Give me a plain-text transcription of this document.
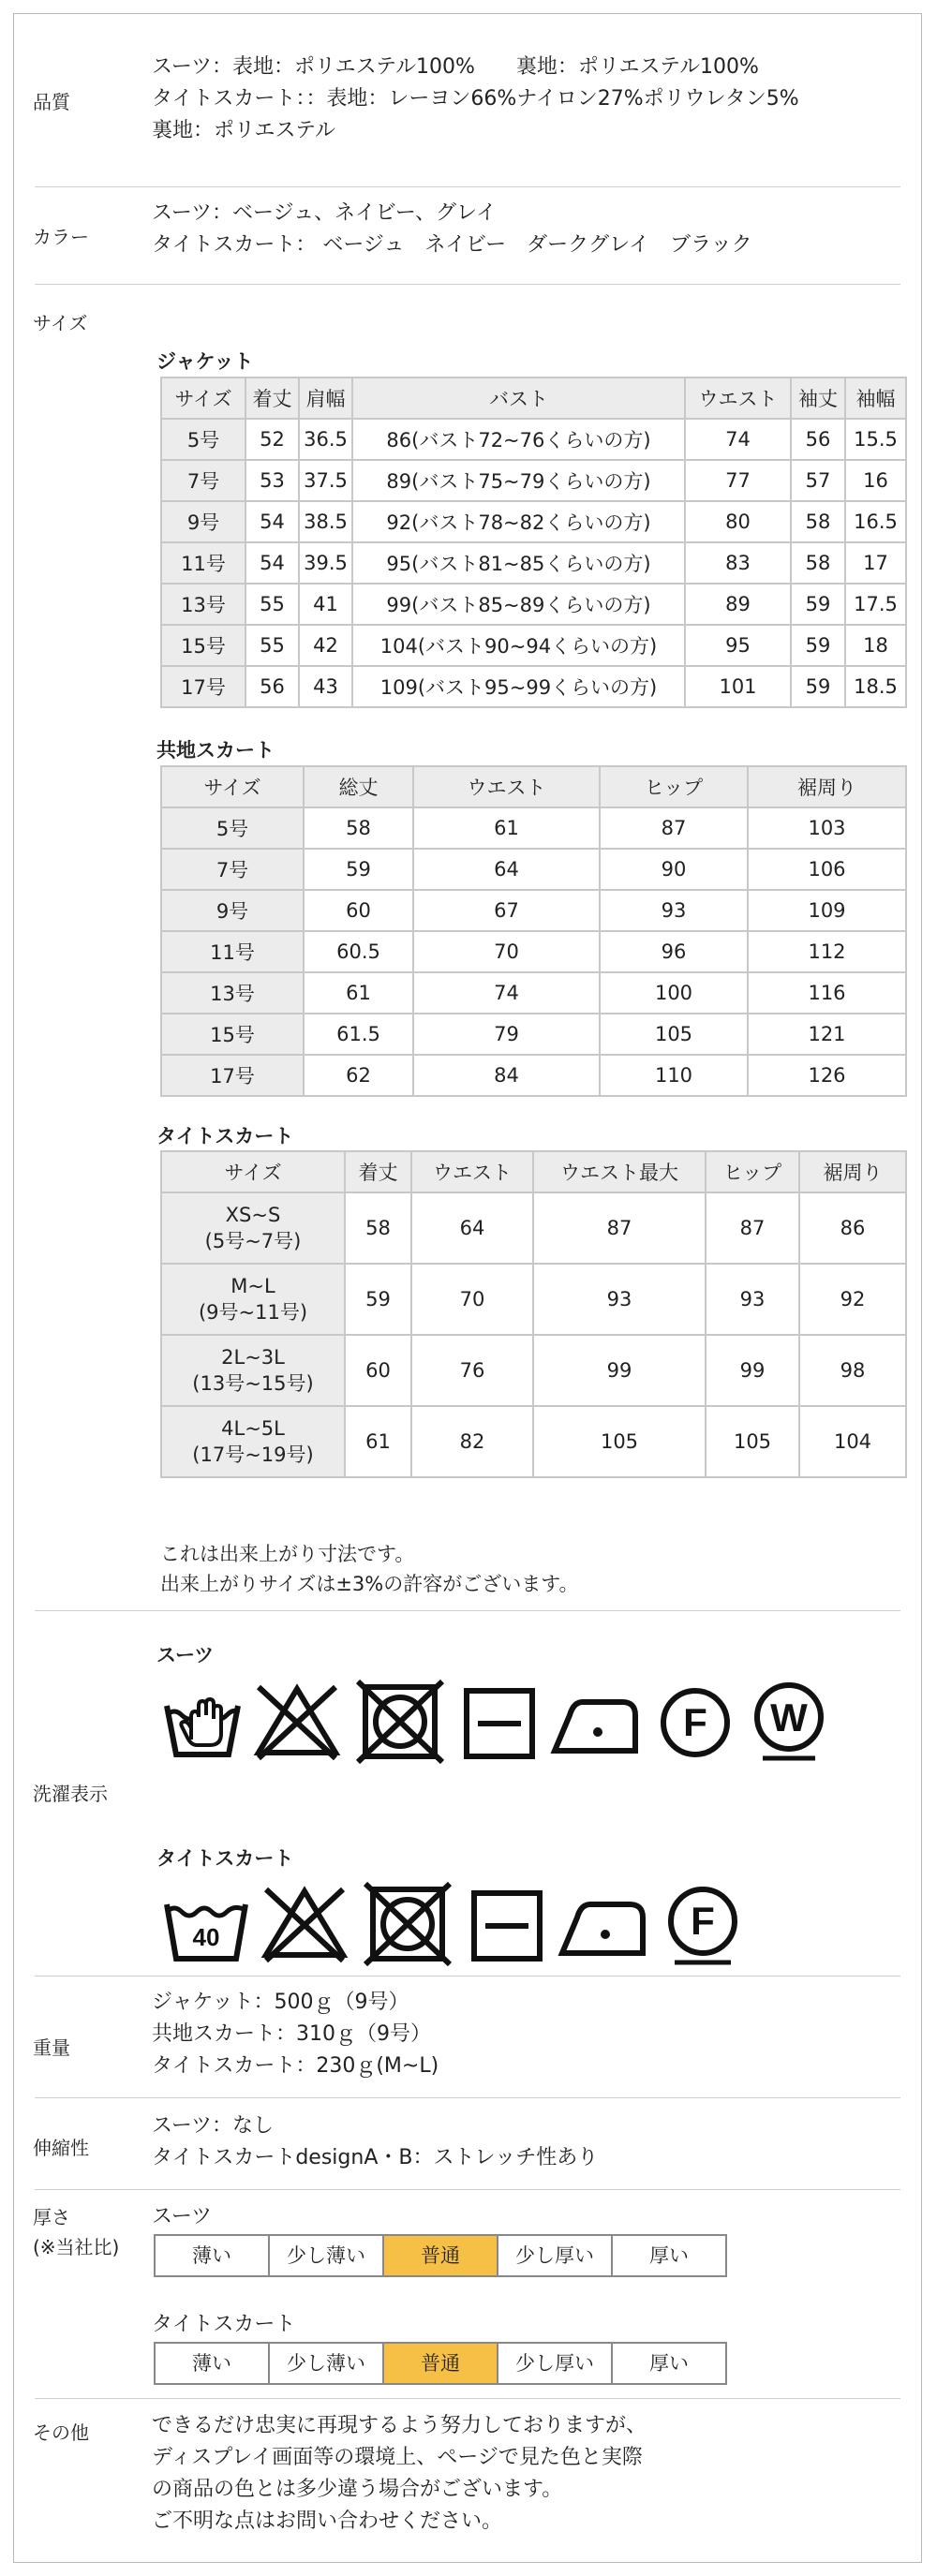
品質
スーツ：表地：ポリエステル100%　　裏地：ポリエステル100%
タイトスカート：：表地：レーヨン66%ナイロン27%ポリウレタン5%
裏地：ポリエステル
カラー
スーツ：ベージュ、ネイビー、グレイ
タイトスカート： ベージュ　ネイビー　ダークグレイ　ブラック
サイズ
ジャケット
サイズ	着丈	肩幅	バスト	ウエスト	袖丈	袖幅
5号	52	36.5	86(バスト72~76くらいの方)	74	56	15.5
7号	53	37.5	89(バスト75~79くらいの方)	77	57	16
9号	54	38.5	92(バスト78~82くらいの方)	80	58	16.5
11号	54	39.5	95(バスト81~85くらいの方)	83	58	17
13号	55	41	99(バスト85~89くらいの方)	89	59	17.5
15号	55	42	104(バスト90~94くらいの方)	95	59	18
17号	56	43	109(バスト95~99くらいの方)	101	59	18.5
共地スカート
サイズ	総丈	ウエスト	ヒップ	裾周り
5号	58	61	87	103
7号	59	64	90	106
9号	60	67	93	109
11号	60.5	70	96	112
13号	61	74	100	116
15号	61.5	79	105	121
17号	62	84	110	126
タイトスカート
サイズ	着丈	ウエスト	ウエスト最大	ヒップ	裾周り

XS~S
(5号~7号)	58	64	87	87	86

M~L
(9号~11号)	59	70	93	93	92

2L~3L
(13号~15号)	60	76	99	99	98

4L~5L
(17号~19号)	61	82	105	105	104
これは出来上がり寸法です。
出来上がりサイズは±3%の許容がございます。
洗濯表示
スーツ
F W
タイトスカート
40	F
重量
ジャケット：500ｇ（9号）
共地スカート：310ｇ（9号）
タイトスカート：230ｇ(M~L)
伸縮性
スーツ：なし
タイトスカートdesignA・B：ストレッチ性あり
厚さ
(※当社比)
スーツ
薄い	少し薄い	普通	少し厚い	厚い
タイトスカート
薄い	少し薄い	普通	少し厚い	厚い
その他	できるだけ忠実に再現するよう努力しておりますが、
ディスプレイ画面等の環境上、ページで見た色と実際
の商品の色とは多少違う場合がございます。
ご不明な点はお問い合わせください。
